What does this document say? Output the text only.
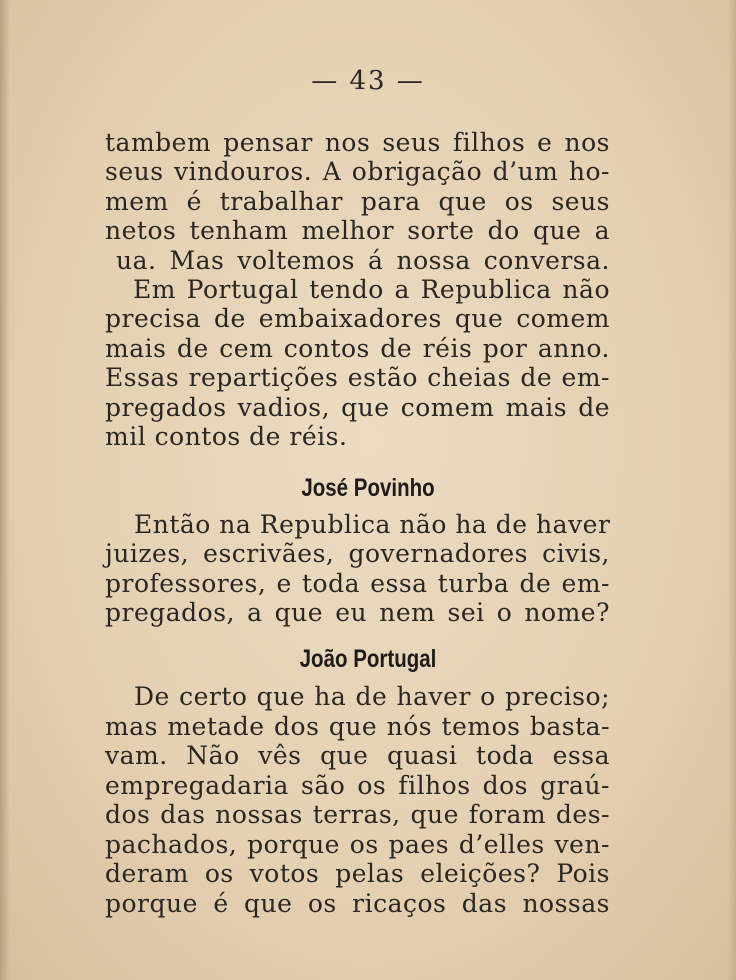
— 43 —
tambem pensar nos seus filhos e nos
seus vindouros. A obrigação d’um ho-
mem é trabalhar para que os seus
netos tenham melhor sorte do que a
ua. Mas voltemos á nossa conversa.
Em Portugal tendo a Republica não
precisa de embaixadores que comem
mais de cem contos de réis por anno.
Essas repartições estão cheias de em-
pregados vadios, que comem mais de
mil contos de réis.
José Povinho
Então na Republica não ha de haver
juizes, escrivães, governadores civis,
professores, e toda essa turba de em-
pregados, a que eu nem sei o nome?
João Portugal
De certo que ha de haver o preciso;
mas metade dos que nós temos basta-
vam. Não vês que quasi toda essa
empregadaria são os filhos dos graú-
dos das nossas terras, que foram des-
pachados, porque os paes d’elles ven-
deram os votos pelas eleições? Pois
porque é que os ricaços das nossas
